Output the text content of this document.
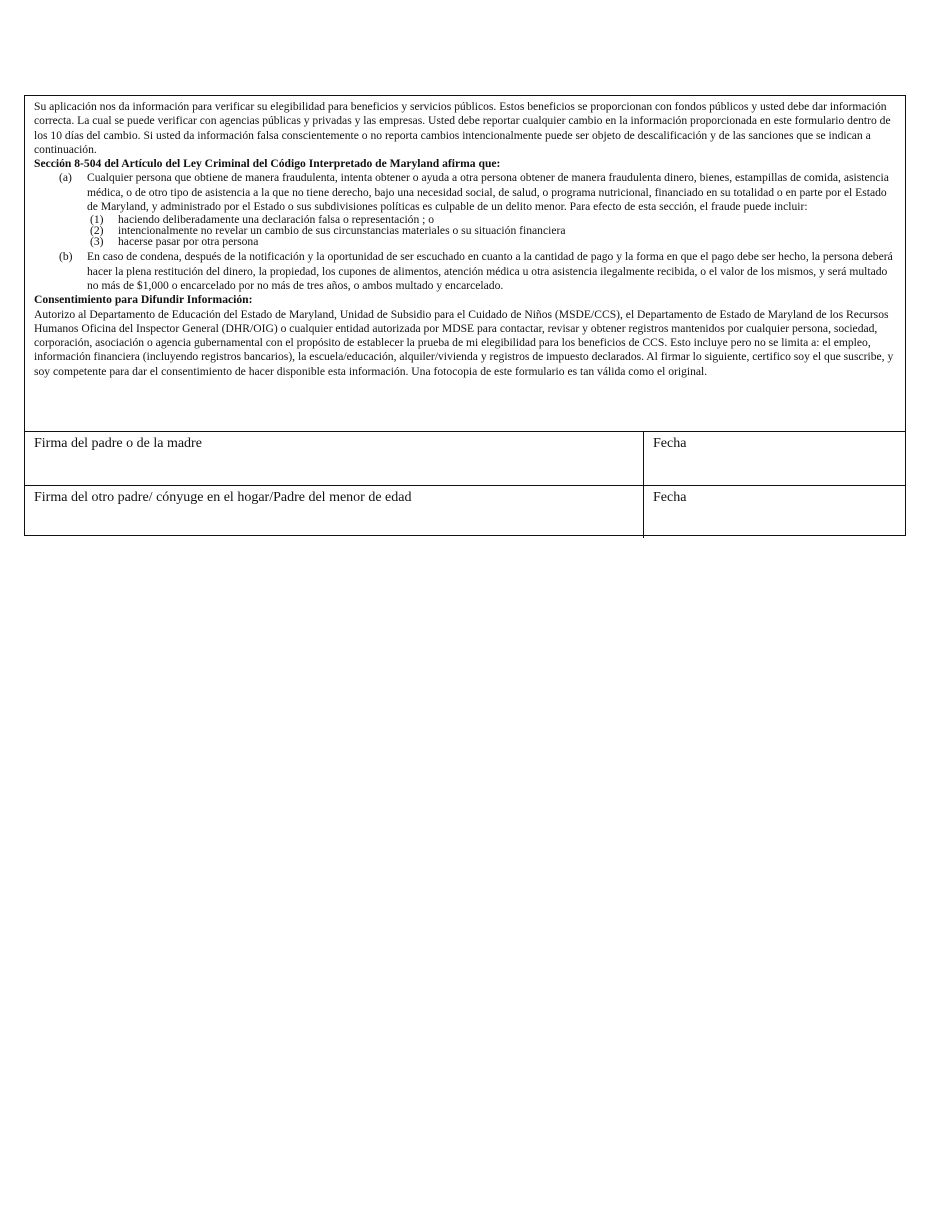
Su aplicación nos da información para verificar su elegibilidad para beneficios y servicios públicos. Estos beneficios se proporcionan con fondos públicos y usted debe dar información correcta. La cual se puede verificar con agencias públicas y privadas y las empresas. Usted debe reportar cualquier cambio en la información proporcionada en este formulario dentro de los 10 días del cambio. Si usted da información falsa conscientemente o no reporta cambios intencionalmente puede ser objeto de descalificación y de las sanciones que se indican a continuación.

Sección 8-504 del Artículo del Ley Criminal del Código Interpretado de Maryland afirma que:

(a)	Cualquier persona que obtiene de manera fraudulenta, intenta obtener o ayuda a otra persona obtener de manera fraudulenta dinero, bienes, estampillas de comida, asistencia médica, o de otro tipo de asistencia a la que no tiene derecho, bajo una necesidad social, de salud, o programa nutricional, financiado en su totalidad o en parte por el Estado de Maryland, y administrado por el Estado o sus subdivisiones políticas es culpable de un delito menor. Para efecto de esta sección, el fraude puede incluir:
(1)	haciendo deliberadamente una declaración falsa o representación ; o
(2)	intencionalmente no revelar un cambio de sus circunstancias materiales o su situación financiera
(3)	hacerse pasar por otra persona
(b)	En caso de condena, después de la notificación y la oportunidad de ser escuchado en cuanto a la cantidad de pago y la forma en que el pago debe ser hecho, la persona deberá hacer la plena restitución del dinero, la propiedad, los cupones de alimentos, atención médica u otra asistencia ilegalmente recibida, o el valor de los mismos, y será multado no más de $1,000 o encarcelado por no más de tres años, o ambos multado y encarcelado.

Consentimiento para Difundir Información:

Autorizo al Departamento de Educación del Estado de Maryland, Unidad de Subsidio para el Cuidado de Niños (MSDE/CCS), el Departamento de Estado de Maryland de los Recursos Humanos Oficina del Inspector General (DHR/OIG) o cualquier entidad autorizada por MDSE para contactar, revisar y obtener registros mantenidos por cualquier persona, sociedad, corporación, asociación o agencia gubernamental con el propósito de establecer la prueba de mi elegibilidad para los beneficios de CCS. Esto incluye pero no se limita a: el empleo, información financiera (incluyendo registros bancarios), la escuela/educación, alquiler/vivienda y registros de impuesto declarados. Al firmar lo siguiente, certifico soy el que suscribe, y soy competente para dar el consentimiento de hacer disponible esta información. Una fotocopia de este formulario es tan válida como el original.

Firma del padre o de la madre	Fecha
Firma del otro padre/ cónyuge en el hogar/Padre del menor de edad	Fecha
